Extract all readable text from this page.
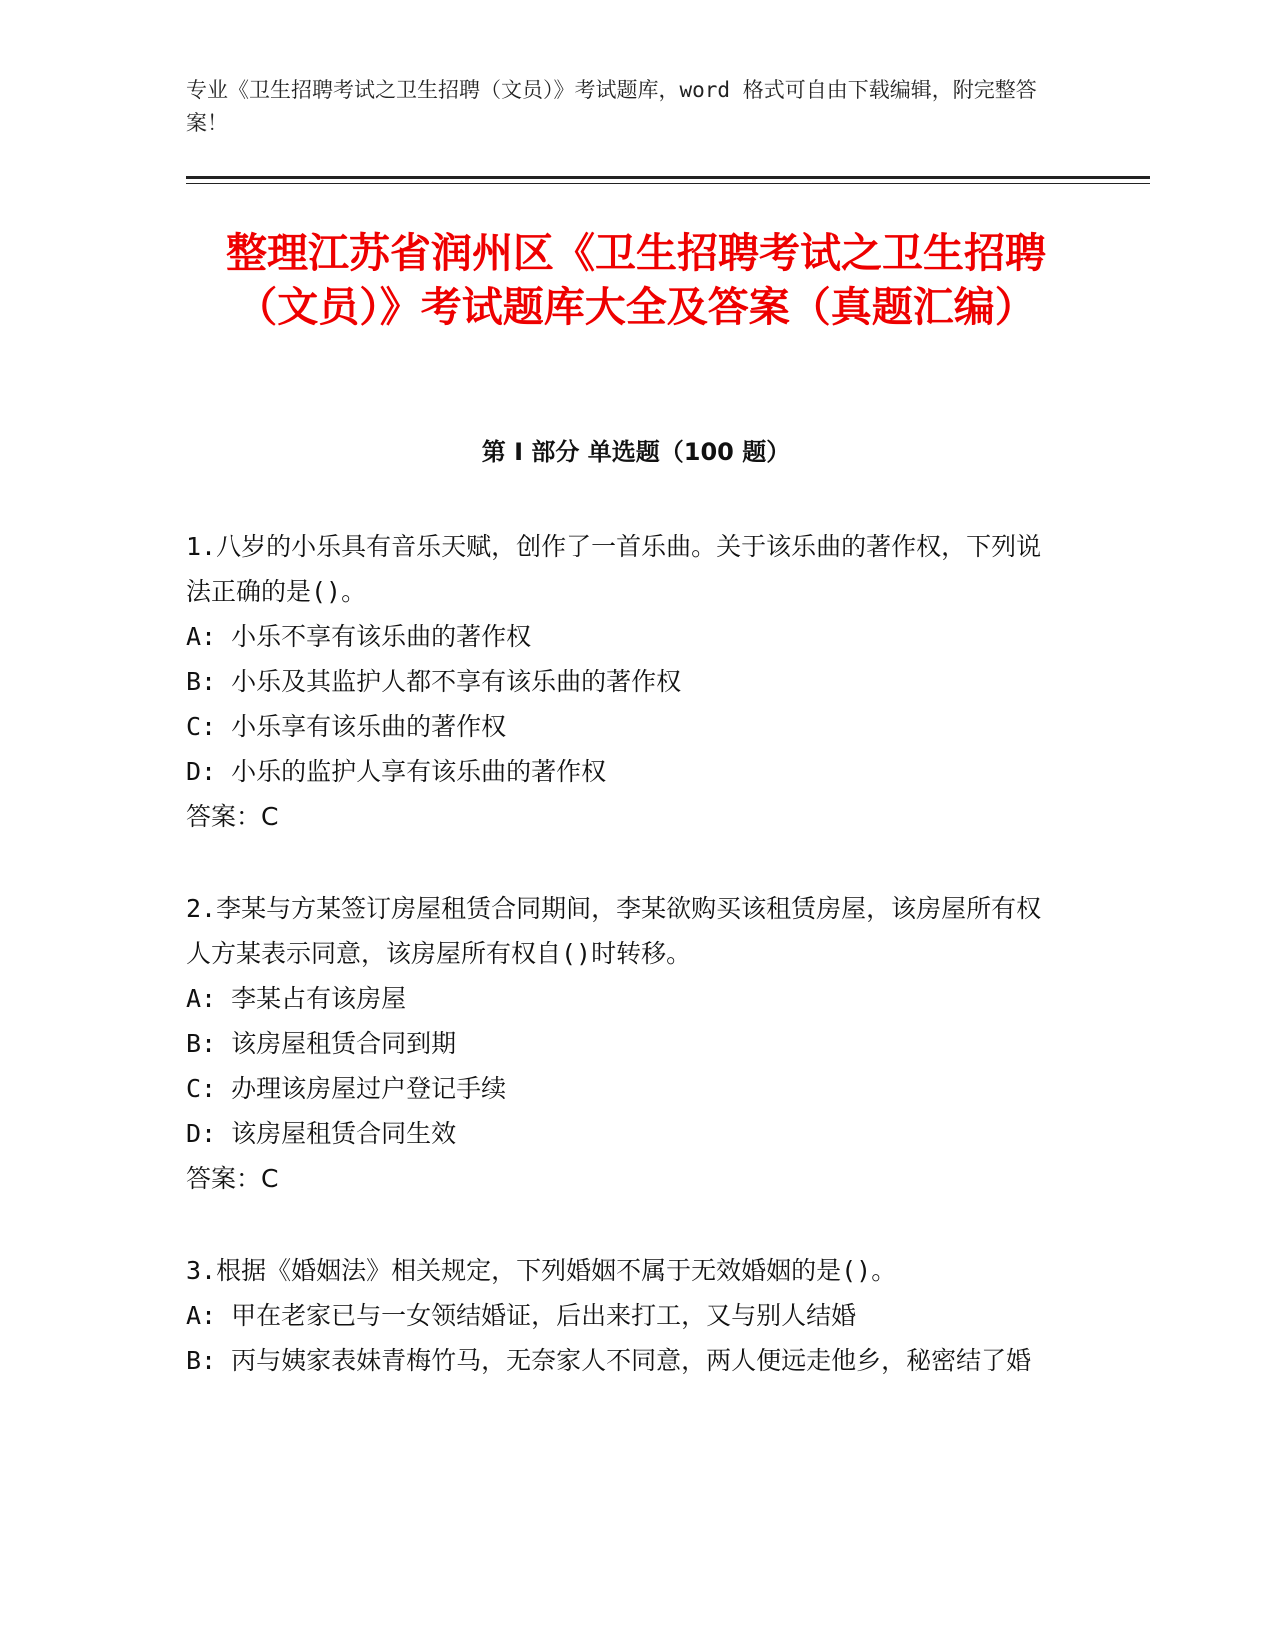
专业《卫生招聘考试之卫生招聘（文员）》考试题库，word 格式可自由下载编辑，附完整答案！

整理江苏省润州区《卫生招聘考试之卫生招聘（文员）》考试题库大全及答案（真题汇编）
第 I 部分 单选题（100 题）
1.八岁的小乐具有音乐天赋，创作了一首乐曲。关于该乐曲的著作权，下列说法正确的是()。
A: 小乐不享有该乐曲的著作权
B: 小乐及其监护人都不享有该乐曲的著作权
C: 小乐享有该乐曲的著作权
D: 小乐的监护人享有该乐曲的著作权
答案：C
2.李某与方某签订房屋租赁合同期间，李某欲购买该租赁房屋，该房屋所有权人方某表示同意，该房屋所有权自()时转移。
A: 李某占有该房屋
B: 该房屋租赁合同到期
C: 办理该房屋过户登记手续
D: 该房屋租赁合同生效
答案：C
3.根据《婚姻法》相关规定，下列婚姻不属于无效婚姻的是()。
A: 甲在老家已与一女领结婚证，后出来打工，又与别人结婚
B: 丙与姨家表妹青梅竹马，无奈家人不同意，两人便远走他乡，秘密结了婚
